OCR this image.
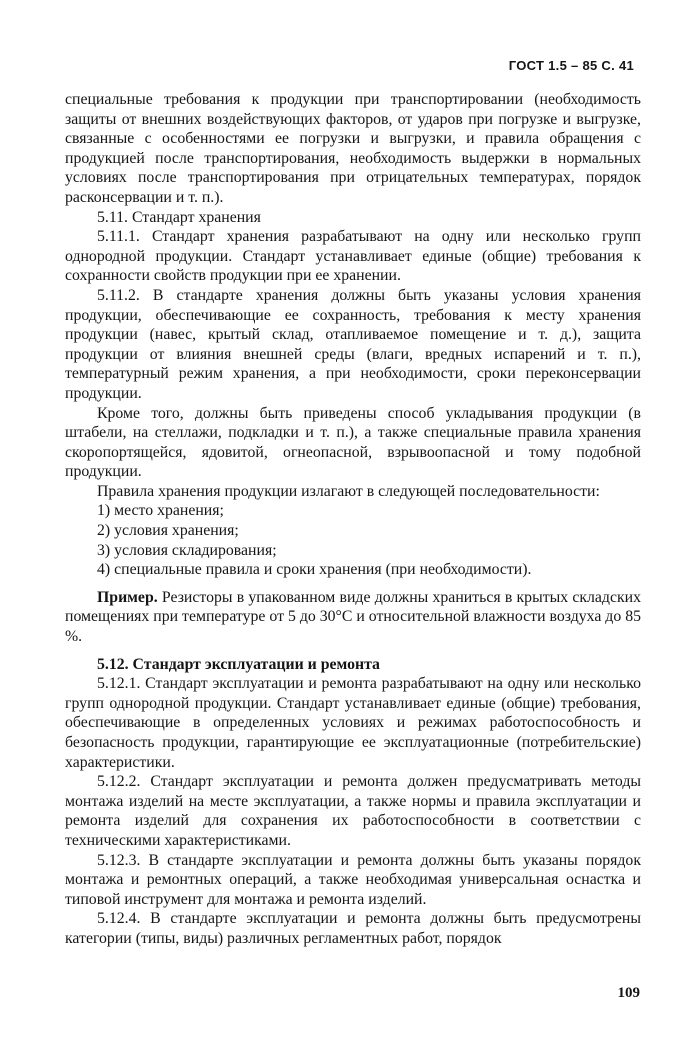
ГОСТ 1.5 – 85 С. 41

специальные требования к продукции при транспортировании (необходимость защиты от внешних воздействующих факторов, от ударов при погрузке и выгрузке, связанные с особенностями ее погрузки и выгрузки, и правила обращения с продукцией после транспортирования, необходимость выдержки в нормальных условиях после транспортирования при отрицательных температурах, порядок расконсервации и т. п.).

5.11. Стандарт хранения

5.11.1. Стандарт хранения разрабатывают на одну или несколько групп однородной продукции. Стандарт устанавливает единые (общие) требования к сохранности свойств продукции при ее хранении.

5.11.2. В стандарте хранения должны быть указаны условия хранения продукции, обеспечивающие ее сохранность, требования к месту хранения продукции (навес, крытый склад, отапливаемое помещение и т. д.), защита продукции от влияния внешней среды (влаги, вредных испарений и т. п.), температурный режим хранения, а при необходимости, сроки переконсервации продукции.

Кроме того, должны быть приведены способ укладывания продукции (в штабели, на стеллажи, подкладки и т. п.), а также специальные правила хранения скоропортящейся, ядовитой, огнеопасной, взрывоопасной и тому подобной продукции.

Правила хранения продукции излагают в следующей последовательности:

1) место хранения;
2) условия хранения;
3) условия складирования;
4) специальные правила и сроки хранения (при необходимости).

Пример. Резисторы в упакованном виде должны храниться в крытых складских помещениях при температуре от 5 до 30°С и относительной влажности воздуха до 85 %.

5.12. Стандарт эксплуатации и ремонта

5.12.1. Стандарт эксплуатации и ремонта разрабатывают на одну или несколько групп однородной продукции. Стандарт устанавливает единые (общие) требования, обеспечивающие в определенных условиях и режимах работоспособность и безопасность продукции, гарантирующие ее эксплуатационные (потребительские) характеристики.

5.12.2. Стандарт эксплуатации и ремонта должен предусматривать методы монтажа изделий на месте эксплуатации, а также нормы и правила эксплуатации и ремонта изделий для сохранения их работоспособности в соответствии с техническими характеристиками.

5.12.3. В стандарте эксплуатации и ремонта должны быть указаны порядок монтажа и ремонтных операций, а также необходимая универсальная оснастка и типовой инструмент для монтажа и ремонта изделий.

5.12.4. В стандарте эксплуатации и ремонта должны быть предусмотрены категории (типы, виды) различных регламентных работ, порядок

109
